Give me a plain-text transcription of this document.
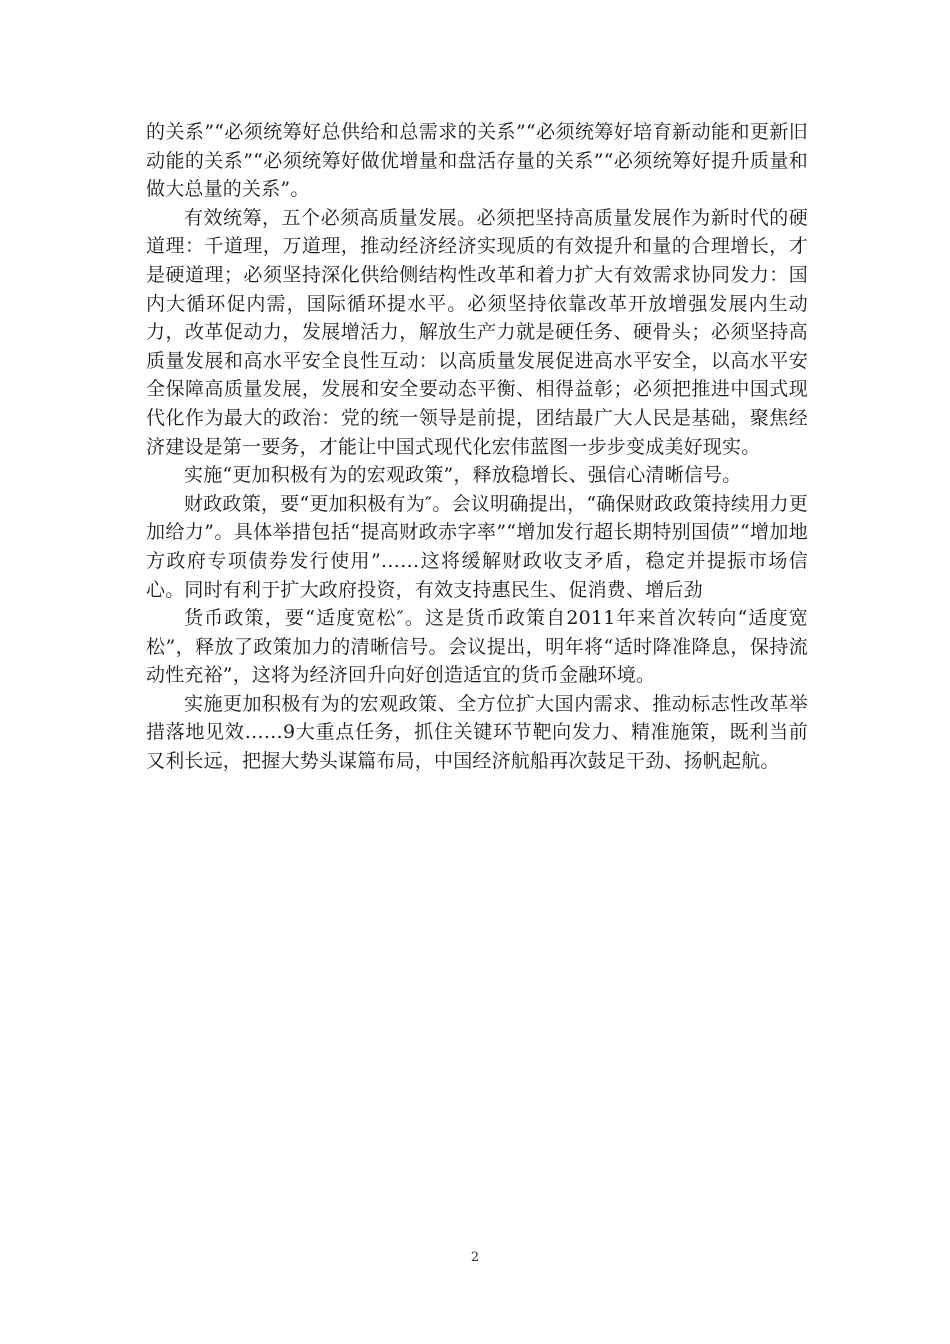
的关系”“必须统筹好总供给和总需求的关系”“必须统筹好培育新动能和更新旧动能的关系”“必须统筹好做优增量和盘活存量的关系”“必须统筹好提升质量和做大总量的关系”。

有效统筹，五个必须高质量发展。必须把坚持高质量发展作为新时代的硬道理：千道理，万道理，推动经济经济实现质的有效提升和量的合理增长，才是硬道理；必须坚持深化供给侧结构性改革和着力扩大有效需求协同发力：国内大循环促内需，国际循环提水平。必须坚持依靠改革开放增强发展内生动力，改革促动力，发展增活力，解放生产力就是硬任务、硬骨头；必须坚持高质量发展和高水平安全良性互动：以高质量发展促进高水平安全，以高水平安全保障高质量发展，发展和安全要动态平衡、相得益彰；必须把推进中国式现代化作为最大的政治：党的统一领导是前提，团结最广大人民是基础，聚焦经济建设是第一要务，才能让中国式现代化宏伟蓝图一步步变成美好现实。

实施“更加积极有为的宏观政策”，释放稳增长、强信心清晰信号。

财政政策，要“更加积极有为″。会议明确提出，“确保财政政策持续用力更加给力”。具体举措包括“提高财政赤字率”“增加发行超长期特别国债”“增加地方政府专项债券发行使用”……这将缓解财政收支矛盾，稳定并提振市场信心。同时有利于扩大政府投资，有效支持惠民生、促消费、增后劲

货币政策，要“适度宽松″。这是货币政策自2011年来首次转向“适度宽松”，释放了政策加力的清晰信号。会议提出，明年将“适时降准降息，保持流动性充裕”，这将为经济回升向好创造适宜的货币金融环境。

实施更加积极有为的宏观政策、全方位扩大国内需求、推动标志性改革举措落地见效……9大重点任务，抓住关键环节靶向发力、精准施策，既利当前又利长远，把握大势头谋篇布局，中国经济航船再次鼓足干劲、扬帆起航。

2
